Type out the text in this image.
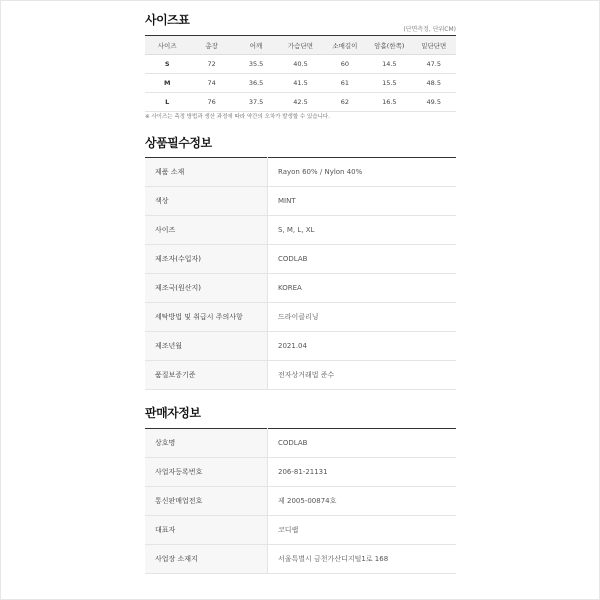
사이즈표
(단면측정, 단위CM)
사이즈	총장	어깨	가슴단면	소매길이	암홀(한쪽)	밑단단면
S	72	35.5	40.5	60	14.5	47.5
M	74	36.5	41.5	61	15.5	48.5
L	76	37.5	42.5	62	16.5	49.5
※ 사이즈는 측정 방법과 생산 과정에 따라 약간의 오차가 발생할 수 있습니다.
상품필수정보
제품 소재	Rayon 60% / Nylon 40%
색상	MINT
사이즈	S, M, L, XL
제조자(수입자)	CODLAB
제조국(원산지)	KOREA
세탁방법 및 취급시 주의사항	드라이클리닝
제조년월	2021.04
품질보증기준	전자상거래법 준수
판매자정보
상호명	CODLAB
사업자등록번호	206-81-21131
통신판매업전호	제 2005-00874호
대표자	코디랩
사업장 소재지	서울특별시 금천가산디지털1로 168
